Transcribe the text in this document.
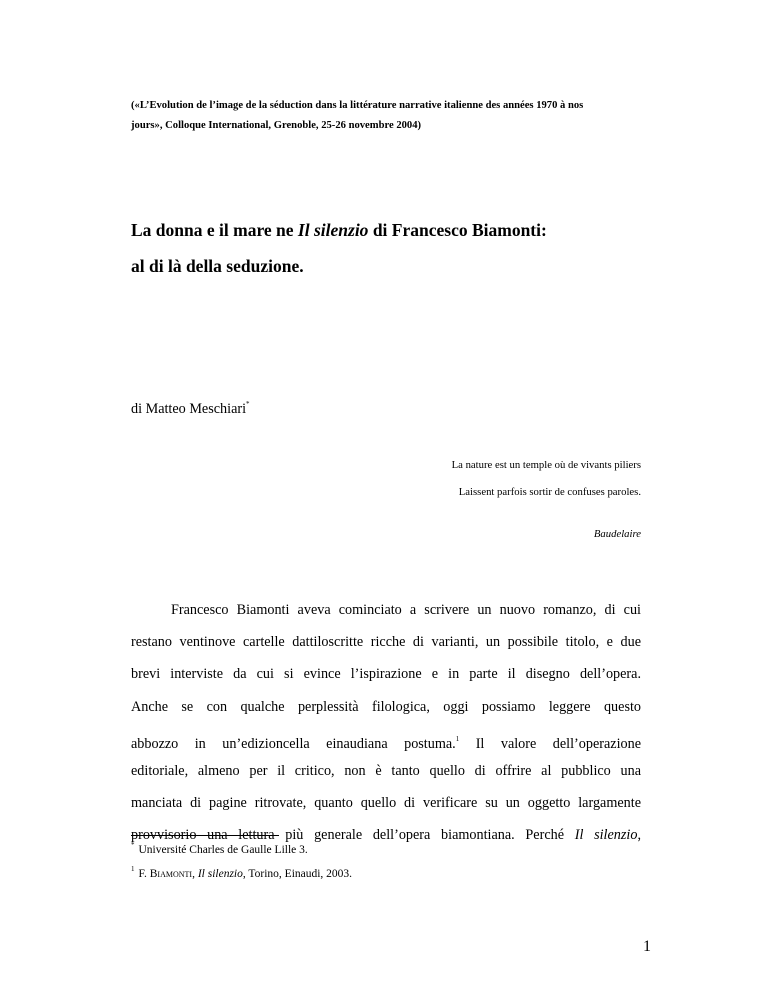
(«L’Evolution de l’image de la séduction dans la littérature narrative italienne des années 1970 à nos
jours», Colloque International, Grenoble, 25-26 novembre 2004)
La donna e il mare ne Il silenzio di Francesco Biamonti:
al di là della seduzione.
di Matteo Meschiari*
La nature est un temple où de vivants piliers
Laissent parfois sortir de confuses paroles.
Baudelaire
Francesco Biamonti aveva cominciato a scrivere un nuovo romanzo, di cui
restano ventinove cartelle dattiloscritte ricche di varianti, un possibile titolo, e due
brevi interviste da cui si evince l’ispirazione e in parte il disegno dell’opera.
Anche se con qualche perplessità filologica, oggi possiamo leggere questo
abbozzo in un’edizioncella einaudiana postuma.$^1$ Il valore dell’operazione
editoriale, almeno per il critico, non è tanto quello di offrire al pubblico una
manciata di pagine ritrovate, quanto quello di verificare su un oggetto largamente
provvisorio una lettura più generale dell’opera biamontiana. Perché Il silenzio,
* Université Charles de Gaulle Lille 3.
$^1$ F. Biamonti, Il silenzio, Torino, Einaudi, 2003.
1
